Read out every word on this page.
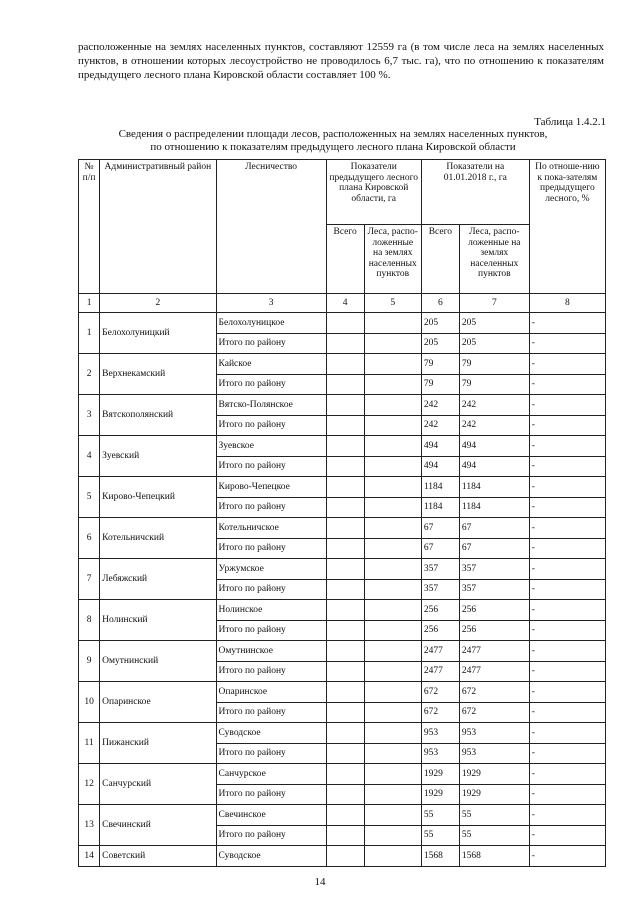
расположенные на землях населенных пунктов, составляют 12559 га (в том числе леса на землях населенных пунктов, в отношении которых лесоустройство не проводилось 6,7 тыс. га), что по отношению к показателям предыдущего лесного плана Кировской области составляет 100 %.
Таблица 1.4.2.1
Сведения о распределении площади лесов, расположенных на землях населенных пунктов,
по отношению к показателям предыдущего лесного плана Кировской области
№ п/п	Административный район	Лесничество	Показатели предыдущего лесного плана Кировской области, га		Показатели на 01.01.2018 г., га		По отноше-нию к пока-зателям предыдущего лесного, %
			Всего	Леса, распо-ложенные на землях населенных пунктов	Всего	Леса, распо-ложенные на землях населенных пунктов	
1	2	3	4	5	6	7	8
1	Белохолуницкий	Белохолуницкое			205	205	-
		Итого по району			205	205	-
2	Верхнекамский	Кайское			79	79	-
		Итого по району			79	79	-
3	Вятскополянский	Вятско-Полянское			242	242	-
		Итого по району			242	242	-
4	Зуевский	Зуевское			494	494	-
		Итого по району			494	494	-
5	Кирово-Чепецкий	Кирово-Чепецкое			1184	1184	-
		Итого по району			1184	1184	-
6	Котельничский	Котельничское			67	67	-
		Итого по району			67	67	-
7	Лебяжский	Уржумское			357	357	-
		Итого по району			357	357	-
8	Нолинский	Нолинское			256	256	-
		Итого по району			256	256	-
9	Омутнинский	Омутнинское			2477	2477	-
		Итого по району			2477	2477	-
10	Опаринское	Опаринское			672	672	-
		Итого по району			672	672	-
11	Пижанский	Суводское			953	953	-
		Итого по району			953	953	-
12	Санчурский	Санчурское			1929	1929	-
		Итого по району			1929	1929	-
13	Свечинский	Свечинское			55	55	-
		Итого по району			55	55	-
14	Советский	Суводское			1568	1568	-
14
